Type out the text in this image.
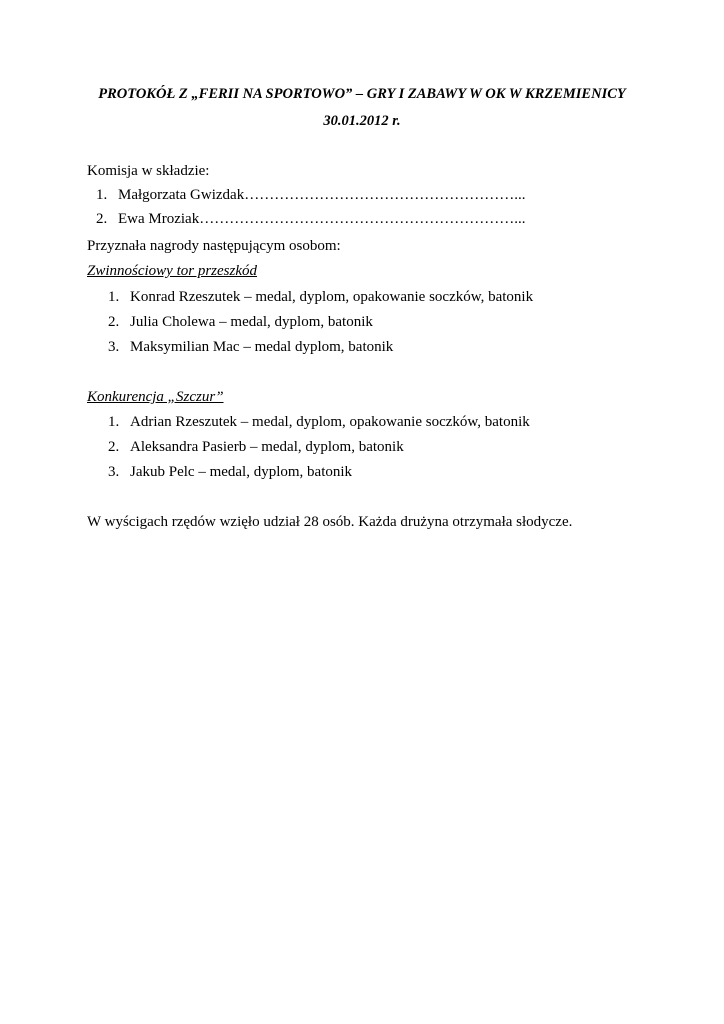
PROTOKÓŁ Z „FERII NA SPORTOWO” – GRY I ZABAWY W OK W KRZEMIENICY
30.01.2012 r.

Komisja w składzie:

1. Małgorzata Gwizdak………………………………………………...
2. Ewa Mroziak………………………………………………………...

Przyznała nagrody następującym osobom:

Zwinnościowy tor przeszkód

1. Konrad Rzeszutek – medal, dyplom, opakowanie soczków, batonik
2. Julia Cholewa – medal, dyplom, batonik
3. Maksymilian Mac – medal dyplom, batonik

Konkurencja „Szczur”

1. Adrian Rzeszutek – medal, dyplom, opakowanie soczków, batonik
2. Aleksandra Pasierb – medal, dyplom, batonik
3. Jakub Pelc – medal, dyplom, batonik

W wyścigach rzędów wzięło udział 28 osób. Każda drużyna otrzymała słodycze.
